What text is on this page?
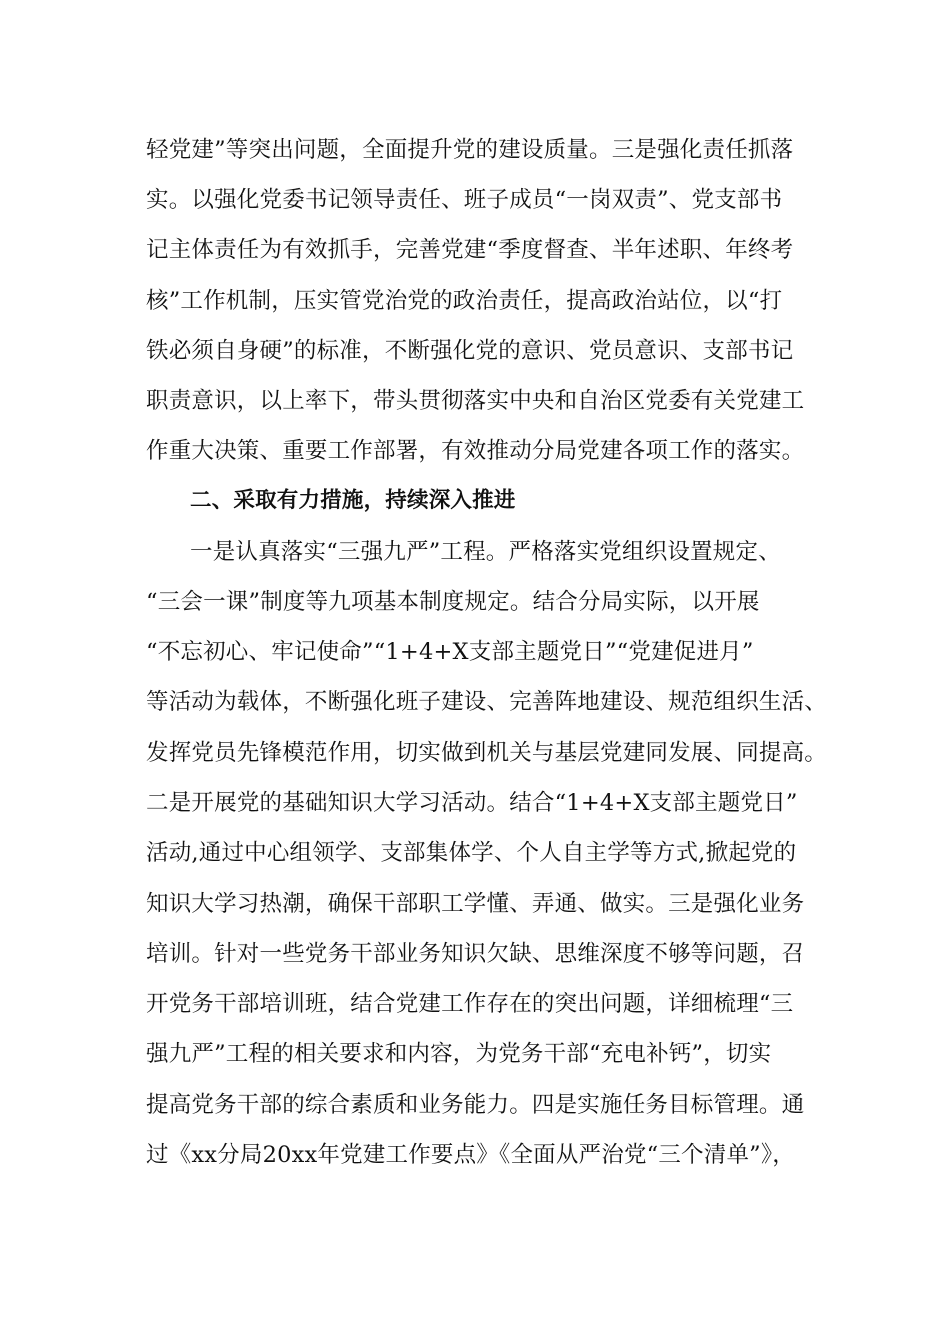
轻党建”等突出问题，全面提升党的建设质量。三是强化责任抓落
实。以强化党委书记领导责任、班子成员“一岗双责”、党支部书
记主体责任为有效抓手，完善党建“季度督查、半年述职、年终考
核”工作机制，压实管党治党的政治责任，提高政治站位，以“打
铁必须自身硬”的标准，不断强化党的意识、党员意识、支部书记
职责意识，以上率下，带头贯彻落实中央和自治区党委有关党建工
作重大决策、重要工作部署，有效推动分局党建各项工作的落实。
二、采取有力措施，持续深入推进
一是认真落实“三强九严”工程。严格落实党组织设置规定、
“三会一课”制度等九项基本制度规定。结合分局实际，以开展
“不忘初心、牢记使命”“1+4+X支部主题党日”“党建促进月”
等活动为载体，不断强化班子建设、完善阵地建设、规范组织生活、
发挥党员先锋模范作用，切实做到机关与基层党建同发展、同提高。
二是开展党的基础知识大学习活动。结合“1+4+X支部主题党日”
活动,通过中心组领学、支部集体学、个人自主学等方式,掀起党的
知识大学习热潮，确保干部职工学懂、弄通、做实。三是强化业务
培训。针对一些党务干部业务知识欠缺、思维深度不够等问题，召
开党务干部培训班，结合党建工作存在的突出问题，详细梳理“三
强九严”工程的相关要求和内容，为党务干部“充电补钙”，切实
提高党务干部的综合素质和业务能力。四是实施任务目标管理。通
过《xx分局20xx年党建工作要点》《全面从严治党“三个清单”》，
